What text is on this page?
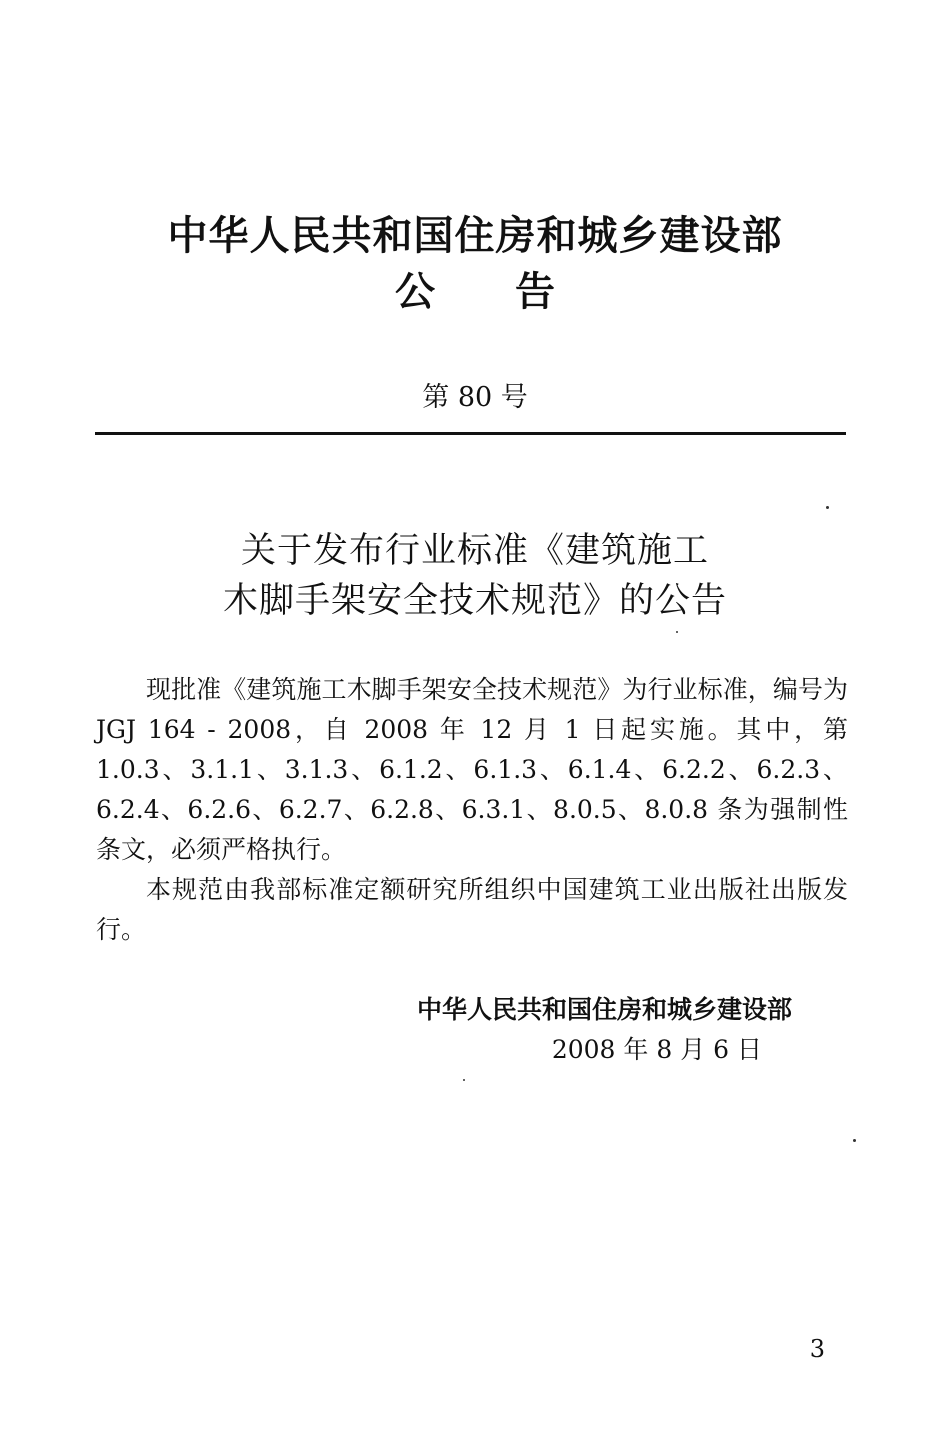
中华人民共和国住房和城乡建设部
公 告
第 80 号
关于发布行业标准《建筑施工
木脚手架安全技术规范》的公告

现批准《建筑施工木脚手架安全技术规范》为行业标准，编号为 JGJ 164 - 2008，自 2008 年 12 月 1 日起实施。其中，第 1.0.3、3.1.1、3.1.3、6.1.2、6.1.3、6.1.4、6.2.2、6.2.3、6.2.4、6.2.6、6.2.7、6.2.8、6.3.1、8.0.5、8.0.8 条为强制性条文，必须严格执行。

本规范由我部标准定额研究所组织中国建筑工业出版社出版发行。

中华人民共和国住房和城乡建设部
2008 年 8 月 6 日
3
